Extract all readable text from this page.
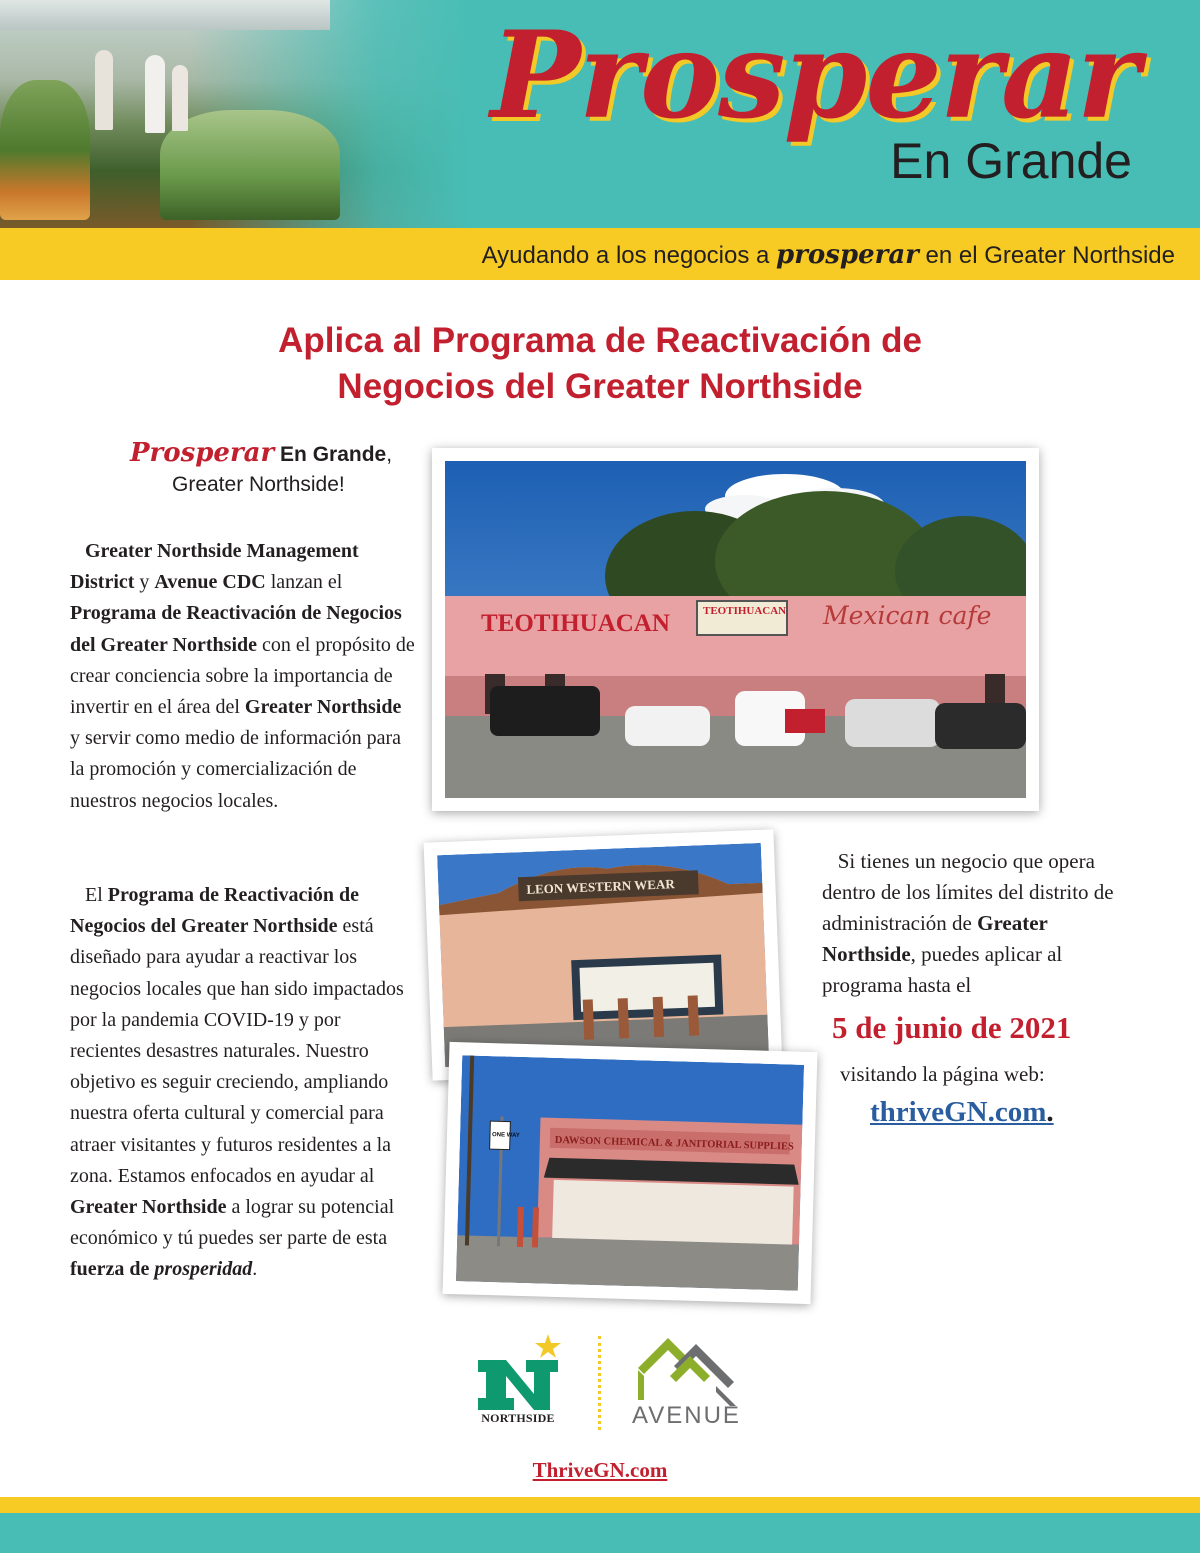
Prosperar
En Grande
Ayudando a los negocios a prosperar en el Greater Northside
Aplica al Programa de Reactivación de
Negocios del Greater Northside
Prosperar En Grande,
Greater Northside!
Greater Northside Management District y Avenue CDC lanzan el Programa de Reactivación de Negocios del Greater Northside con el propósito de crear conciencia sobre la importancia de invertir en el área del Greater Northside y servir como medio de información para la promoción y comercialización de nuestros negocios locales.
El Programa de Reactivación de Negocios del Greater Northside está diseñado para ayudar a reactivar los negocios locales que han sido impactados por la pandemia COVID-19 y por recientes desastres naturales. Nuestro objetivo es seguir creciendo, ampliando nuestra oferta cultural y comercial para atraer visitantes y futuros residentes a la zona. Estamos enfocados en ayudar al Greater Northside a lograr su potencial económico y tú puedes ser parte de esta fuerza de prosperidad.
TEOTIHUACAN	TEOTIHUACAN Mexican cafe
LEON WESTERN WEAR
DAWSON CHEMICAL & JANITORIAL SUPPLIES
ONE WAY
Si tienes un negocio que opera dentro de los límites del distrito de administración de Greater Northside, puedes aplicar al programa hasta el
5 de junio de 2021
visitando la página web:
thriveGN.com.
NORTHSIDE	AVENUE
ThriveGN.com
